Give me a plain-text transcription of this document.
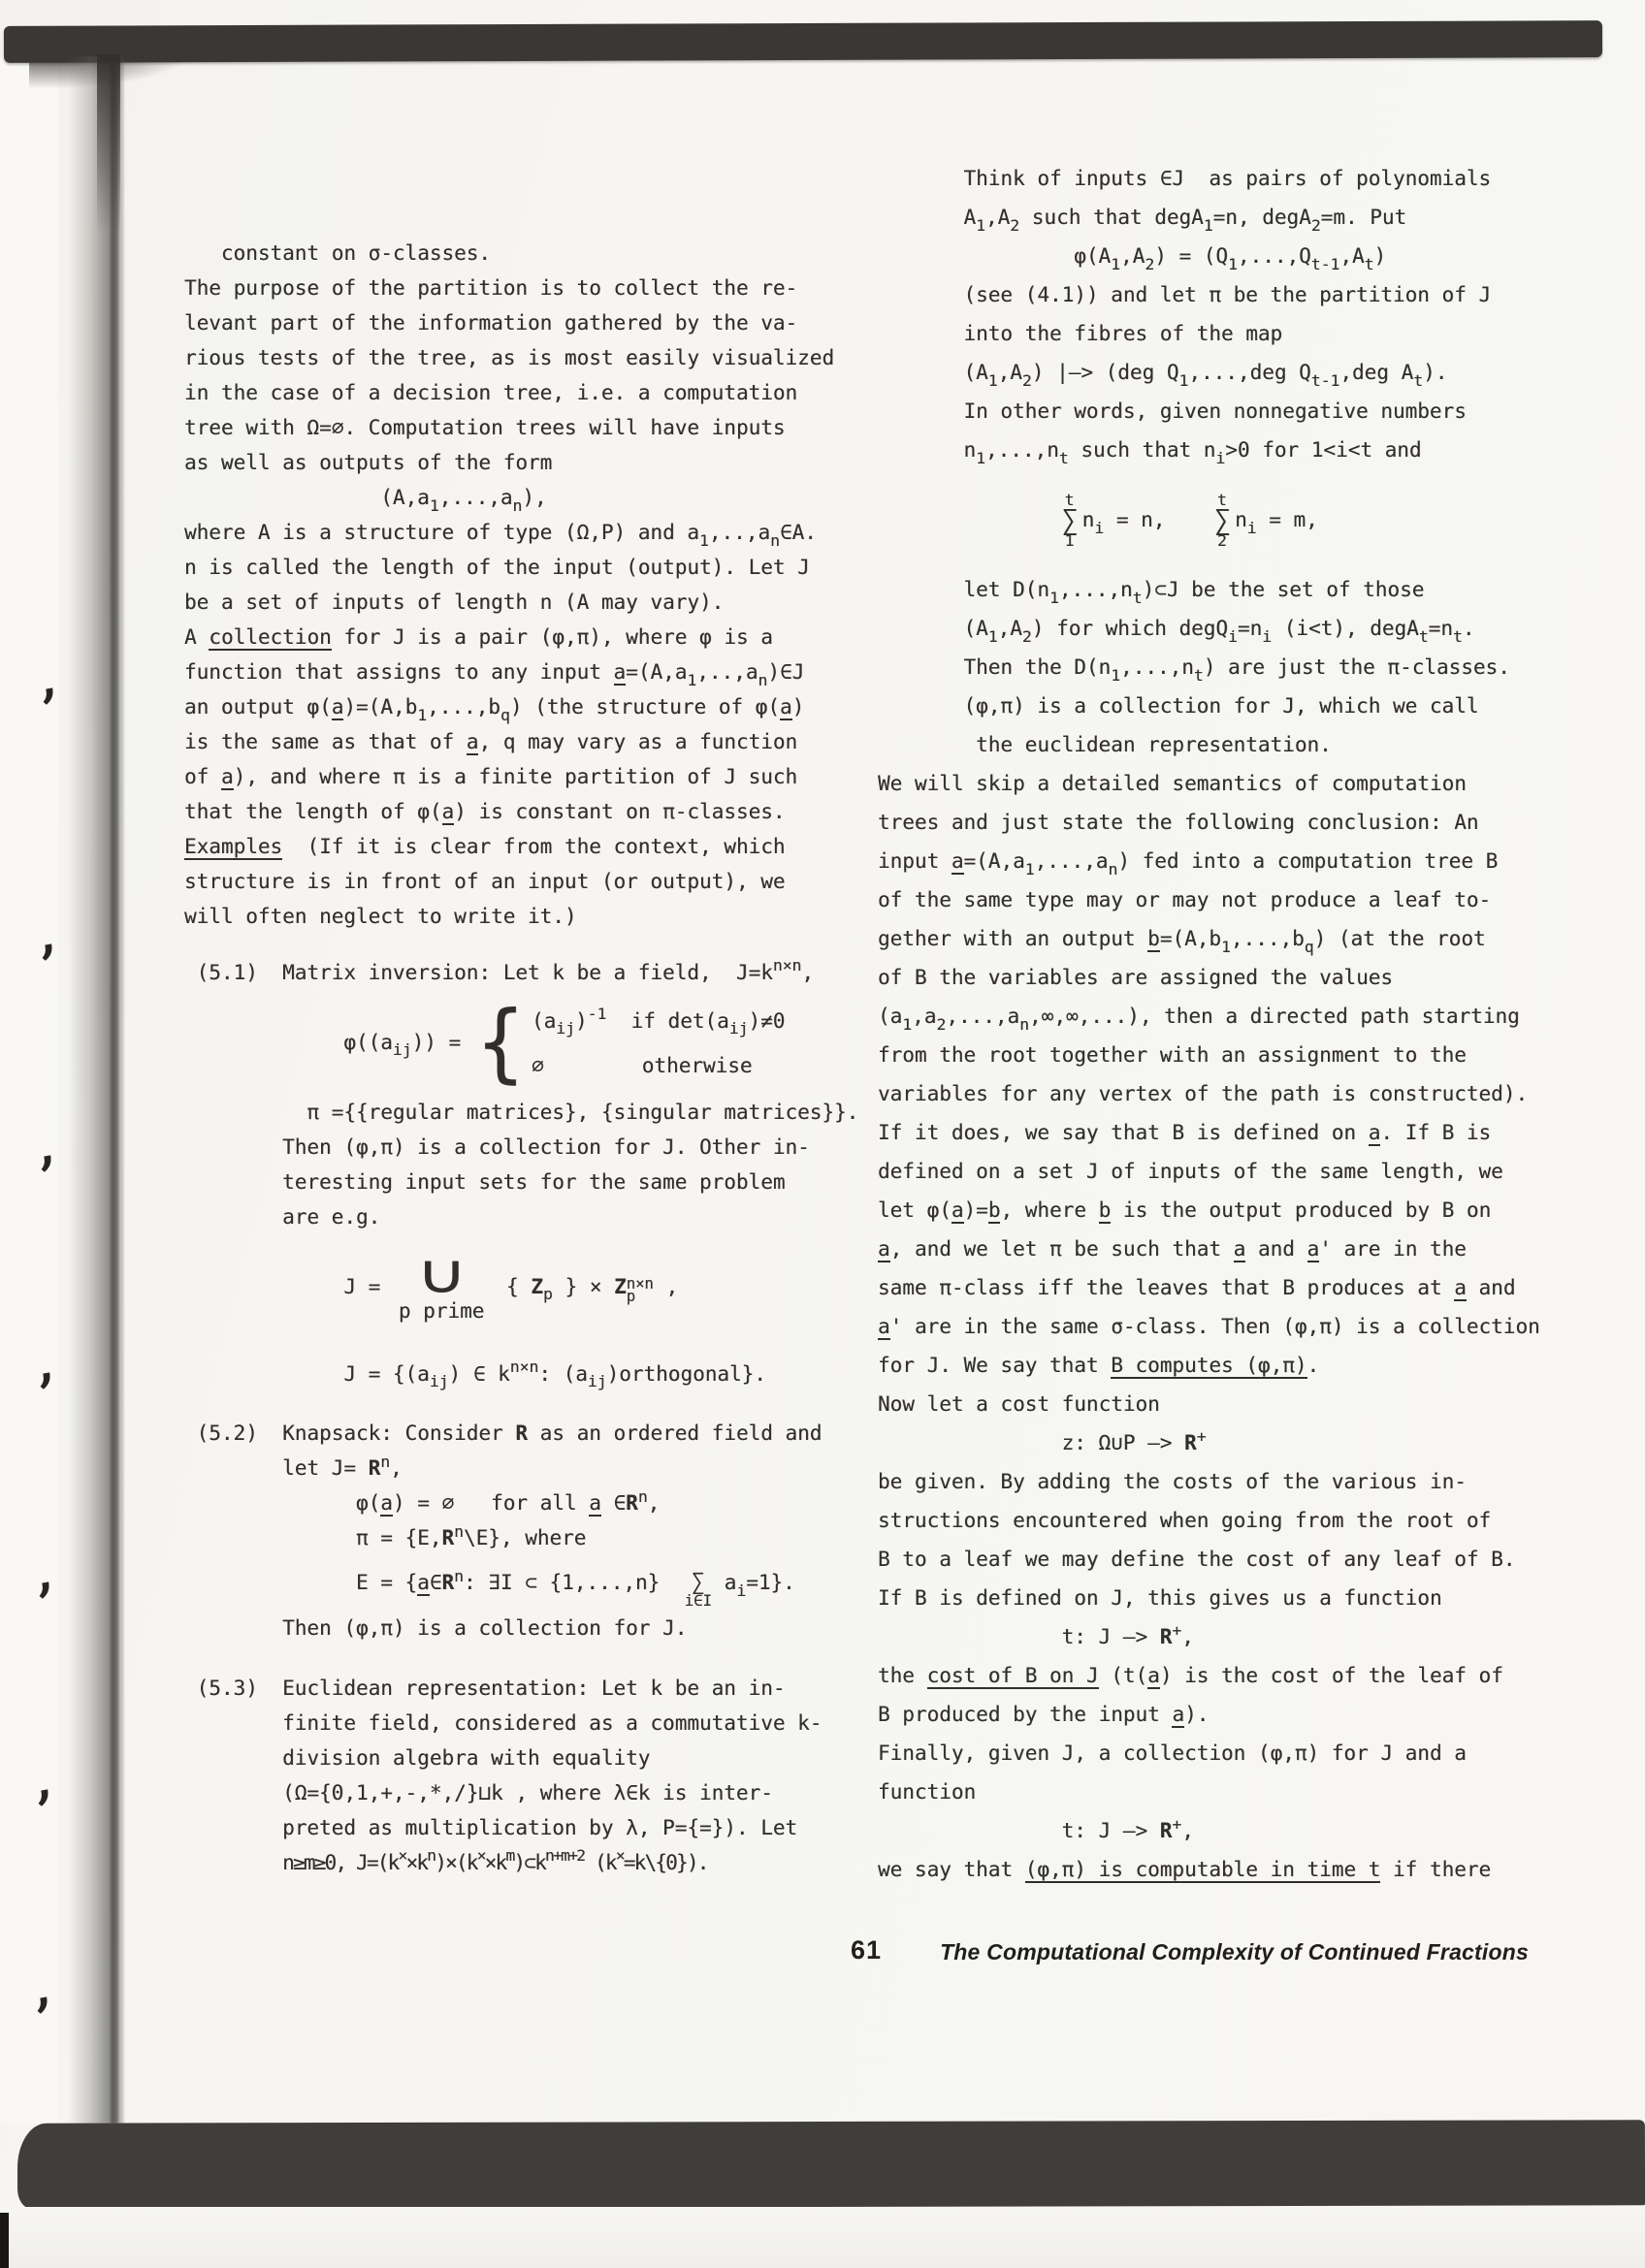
,
,
,
,
,
,
,
constant on σ-classes.
The purpose of the partition is to collect the re-
levant part of the information gathered by the va-
rious tests of the tree, as is most easily visualized
in the case of a decision tree, i.e. a computation
tree with Ω=∅. Computation trees will have inputs
as well as outputs of the form
$(A,a_1,...,a_n)$,
where A is a structure of type (Ω,P) and $a_1,..,a_n\in A$.
n is called the length of the input (output). Let J
be a set of inputs of length n (A may vary).
A collection for J is a pair (φ,π), where φ is a
function that assigns to any input $a=(A,a_1,..,a_n)\in J$
an output $\varphi(a)=(A,b_1,...,b_q)$ (the structure of φ(a)
is the same as that of a, q may vary as a function
of a), and where π is a finite partition of J such
that the length of φ(a) is constant on π-classes.
Examples  (If it is clear from the context, which
structure is in front of an input (or output), we
will often neglect to write it.)
(5.1)  Matrix inversion: Let k be a field,  $J=k^{n\times n}$,
$\varphi((a_{ij}))$ = { $(a_{ij})^{-1}$  if $\det(a_{ij})\ne 0$
∅        otherwise
π ={{regular matrices}, {singular matrices}}.
Then (φ,π) is a collection for J. Other in-
teresting input sets for the same problem
are e.g.
J = ∪
p prime
{ $Z_p$ } × Z n×n
p ,
$J = \{(a_{ij})$ ∈ $k^{n\times n}$: $(a_{ij})orthogonal$}.
(5.2)  Knapsack: Consider R as an ordered field and
let $J= R^n$,
φ(a) = ∅   for all a $\in R^n$,
$\pi = \{E,R^n\backslash E\}$, where
$E = \{a\in R^n$: ∃I ⊂ {1,...,n} ∑
i∈I
$a_i=1$}.
Then (φ,π) is a collection for J.
(5.3)  Euclidean representation: Let k be an in-
finite field, considered as a commutative k-
division algebra with equality
(Ω={0,1,+,-,*,/}⊔k , where λ∈k is inter-
preted as multiplication by λ, P={=}). Let
n≥m≥0, $J=(k^\times\times k^n)\times(k^\times\times k^m)\subset k^{n+m+2}$ (k×=k\{0}).
Think of inputs ∈J  as pairs of polynomials
$A_1,A_2$ such that degA$_1$=n, degA$_2$=m. Put
$\varphi(A_1,A_2) = (Q_1,...,Q_{t-1},A_t)$
(see (4.1)) and let π be the partition of J
into the fibres of the map
$(A_1,A_2)$ |—> (deg $Q_1,...,deg$ $Q_{t-1},deg$ $A_t$).
In other words, given nonnegative numbers
$n_1,...,n_t$ such that $n_i>0$ for 1<i<t and
t
∑
1
$n_i = n$,
t
∑
2
$n_i = m$,
let $D(n_1,...,n_t)\subset J$ be the set of those
$(A_1,A_2)$ for which $degQ_i=n_i$ (i<t), $degA_t=n_t$.
Then the $D(n_1,...,n_t)$ are just the π-classes.
(φ,π) is a collection for J, which we call
the euclidean representation.
We will skip a detailed semantics of computation
trees and just state the following conclusion: An
input $a=(A,a_1,...,a_n)$ fed into a computation tree B
of the same type may or may not produce a leaf to-
gether with an output $b=(A,b_1,...,b_q)$ (at the root
of B the variables are assigned the values
$(a_1,a_2,...,a_n,\infty,\infty,...)$, then a directed path starting
from the root together with an assignment to the
variables for any vertex of the path is constructed).
If it does, we say that B is defined on a. If B is
defined on a set J of inputs of the same length, we
let φ(a)=b, where b is the output produced by B on
a, and we let π be such that a and a' are in the
same π-class iff the leaves that B produces at a and
a' are in the same σ-class. Then (φ,π) is a collection
for J. We say that B computes (φ,π).
Now let a cost function
z: Ω∪P —> R+
be given. By adding the costs of the various in-
structions encountered when going from the root of
B to a leaf we may define the cost of any leaf of B.
If B is defined on J, this gives us a function
t: J —> R+,
the cost of B on J (t(a) is the cost of the leaf of
B produced by the input a).
Finally, given J, a collection (φ,π) for J and a
function
t: J —> R+,
we say that (φ,π) is computable in time t if there
61	The Computational Complexity of Continued Fractions
